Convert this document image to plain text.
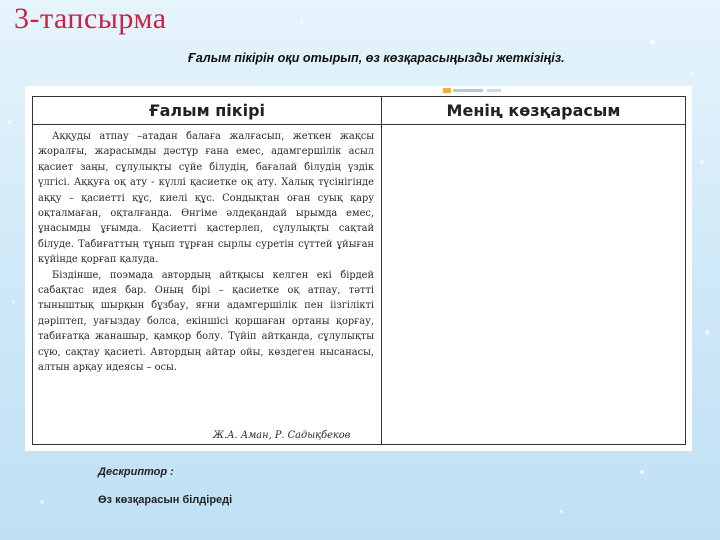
3-тапсырма
Ғалым пікірін оқи отырып, өз көзқарасыңызды жеткізіңіз.
Ғалым пікірі	Менің көзқарасым

Аққуды атпау –атадан балаға жалғасып, жеткен жақсы жоралғы, жарасымды дәстүр ғана емес, адамгершілік асыл қасиет заңы, сұлулықты сүйе білудің, бағалай білудің үздік үлгісі. Аққуға оқ ату - күллі қасиетке оқ ату. Халық түсінігінде аққу – қасиетті құс, киелі құс. Сондықтан оған суық қару оқталмаған, оқталғанда. Өнгіме әлдеқандай ырымда емес, ұнасымды ұғымда. Қасиетті қастерлеп, сұлулықты сақтай білуде. Табиғаттың тұнып тұрған сырлы суретін сүттей ұйыған күйінде қорғап қалуда.

Біздінше, поэмада автордың айтқысы келген екі бірдей сабақтас идея бар. Оның бірі – қасиетке оқ атпау, тәтті тыныштық шырқын бұзбау, яғни адамгершілік пен іізгілікті дәріптеп, уағыздау болса, екіншісі қоршаған ортаны қорғау, табиғатқа жанашыр, қамқор болу. Түйіп айтқанда, сұлулықты сүю, сақтау қасиеті. Автордың айтар ойы, көздеген нысанасы, алтын арқау идеясы – осы.

Ж.А. Аман, Р. Садықбеков
Дескриптор :
Өз көзқарасын білдіреді
